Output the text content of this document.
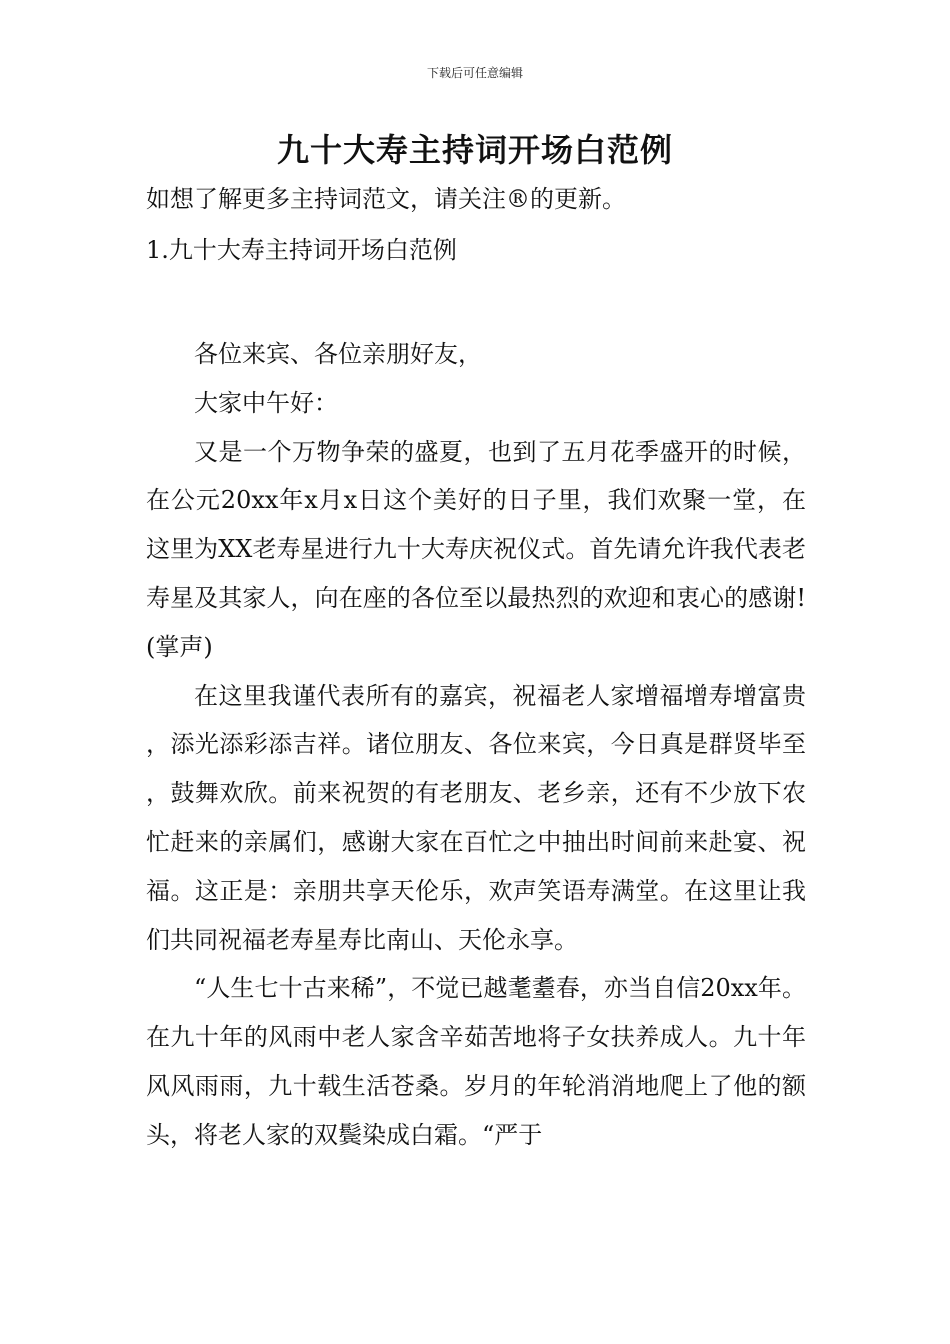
下载后可任意编辑
九十大寿主持词开场白范例
如想了解更多主持词范文，请关注®的更新。
1.九十大寿主持词开场白范例

各位来宾、各位亲朋好友，

大家中午好：

又是一个万物争荣的盛夏，也到了五月花季盛开的时候，在公元20xx年x月x日这个美好的日子里，我们欢聚一堂，在这里为XX老寿星进行九十大寿庆祝仪式。首先请允许我代表老寿星及其家人，向在座的各位至以最热烈的欢迎和衷心的感谢!(掌声)

在这里我谨代表所有的嘉宾，祝福老人家增福增寿增富贵，添光添彩添吉祥。诸位朋友、各位来宾，今日真是群贤毕至，鼓舞欢欣。前来祝贺的有老朋友、老乡亲，还有不少放下农忙赶来的亲属们，感谢大家在百忙之中抽出时间前来赴宴、祝福。这正是：亲朋共享天伦乐，欢声笑语寿满堂。在这里让我们共同祝福老寿星寿比南山、天伦永享。

“人生七十古来稀”，不觉已越耄耋春，亦当自信20xx年。在九十年的风雨中老人家含辛茹苦地将子女扶养成人。九十年风风雨雨，九十载生活苍桑。岁月的年轮消消地爬上了他的额头，将老人家的双鬓染成白霜。“严于
